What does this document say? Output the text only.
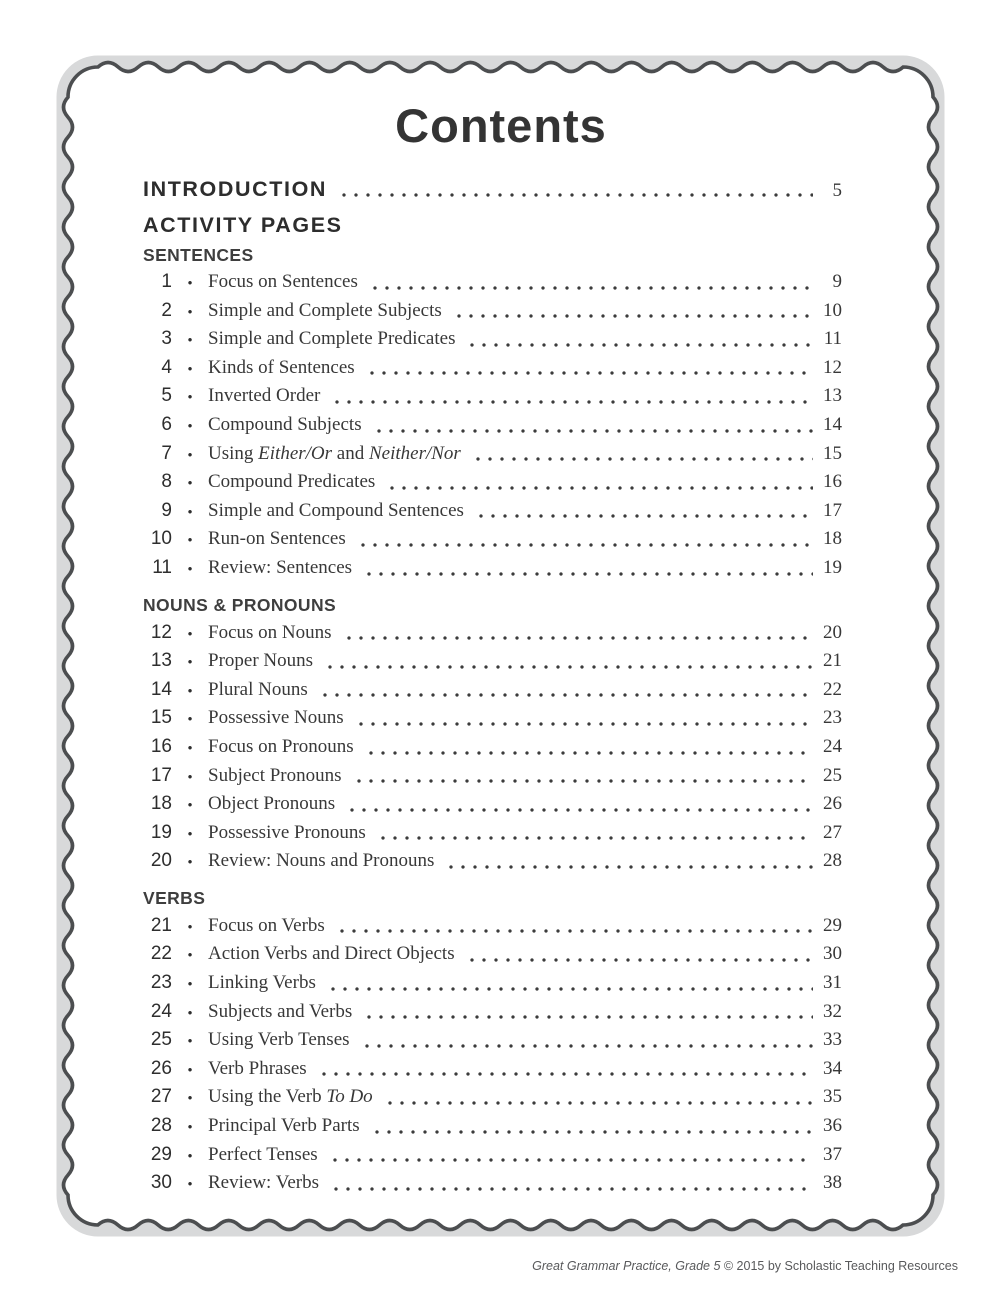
Contents
INTRODUCTION	5
ACTIVITY PAGES
SENTENCES
1	• Focus on Sentences	9
2	• Simple and Complete Subjects	10
3	• Simple and Complete Predicates	11
4	• Kinds of Sentences	12
5	• Inverted Order	13
6	• Compound Subjects	14
7	• Using Either/Or and Neither/Nor	15
8	• Compound Predicates	16
9	• Simple and Compound Sentences	17
10	• Run-on Sentences	18
11	• Review: Sentences	19
NOUNS & PRONOUNS
12	• Focus on Nouns	20
13	• Proper Nouns	21
14	• Plural Nouns	22
15	• Possessive Nouns	23
16	• Focus on Pronouns	24
17	• Subject Pronouns	25
18	• Object Pronouns	26
19	• Possessive Pronouns	27
20	• Review: Nouns and Pronouns	28
VERBS
21	• Focus on Verbs	29
22	• Action Verbs and Direct Objects	30
23	• Linking Verbs	31
24	• Subjects and Verbs	32
25	• Using Verb Tenses	33
26	• Verb Phrases	34
27	• Using the Verb To Do	35
28	• Principal Verb Parts	36
29	• Perfect Tenses	37
30	• Review: Verbs	38
Great Grammar Practice, Grade 5 © 2015 by Scholastic Teaching Resources
